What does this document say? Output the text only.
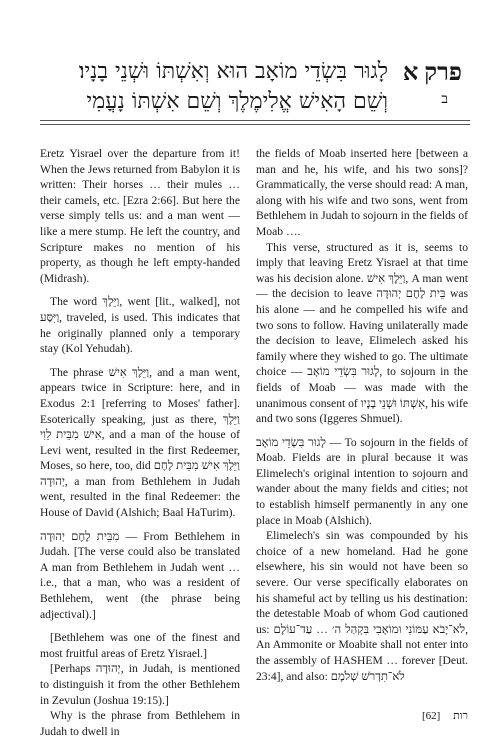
פרק א
ב
לָגוּר בִּשְׂדֵי מוֹאָב הוּא וְאִשְׁתּוֹ וּשְׁנֵי בָנָיו׃
וְשֵׁם הָאִישׁ אֱלִימֶלֶךְ וְשֵׁם אִשְׁתּוֹ נָעֳמִי

Eretz Yisrael over the departure from it! When the Jews returned from Babylon it is written: Their horses … their mules … their camels, etc. [Ezra 2:66]. But here the verse simply tells us: and a man went — like a mere stump. He left the country, and Scripture makes no mention of his property, as though he left empty-handed (Midrash).

The word וַיֵּלֶךְ, went [lit., walked], not וַיִּסַּע, traveled, is used. This indicates that he originally planned only a temporary stay (Kol Yehudah).

The phrase וַיֵּלֶךְ אִישׁ, and a man went, appears twice in Scripture: here, and in Exodus 2:1 [referring to Moses' father]. Esoterically speaking, just as there, וַיֵּלֶךְ אִישׁ מִבֵּית לֵוִי, and a man of the house of Levi went, resulted in the first Redeemer, Moses, so here, too, did וַיֵּלֶךְ אִישׁ מִבֵּית לֶחֶם יְהוּדָה, a man from Bethlehem in Judah went, resulted in the final Redeemer: the House of David (Alshich; Baal HaTurim).

מִבֵּית לֶחֶם יְהוּדָה — From Bethlehem in Judah. [The verse could also be translated A man from Bethlehem in Judah went … i.e., that a man, who was a resident of Bethlehem, went (the phrase being adjectival).]

[Bethlehem was one of the finest and most fruitful areas of Eretz Yisrael.]

[Perhaps יְהוּדָה, in Judah, is mentioned to distinguish it from the other Bethlehem in Zevulun (Joshua 19:15).]

Why is the phrase from Bethlehem in Judah to dwell in

the fields of Moab inserted here [between a man and he, his wife, and his two sons]? Grammatically, the verse should read: A man, along with his wife and two sons, went from Bethlehem in Judah to sojourn in the fields of Moab ….

This verse, structured as it is, seems to imply that leaving Eretz Yisrael at that time was his decision alone. וַיֵּלֶךְ אִישׁ, A man went — the decision to leave בֵּית לֶחֶם יְהוּדָה was his alone — and he compelled his wife and two sons to follow. Having unilaterally made the decision to leave, Elimelech asked his family where they wished to go. The ultimate choice — לָגוּר בִּשְׂדֵי מוֹאָב, to sojourn in the fields of Moab — was made with the unanimous consent of אִשְׁתּוֹ וּשְׁנֵי בָנָיו, his wife and two sons (Iggeres Shmuel).

לָגוּר בִּשְׂדֵי מוֹאָב — To sojourn in the fields of Moab. Fields are in plural because it was Elimelech's original intention to sojourn and wander about the many fields and cities; not to establish himself permanently in any one place in Moab (Alshich).

Elimelech's sin was compounded by his choice of a new homeland. Had he gone elsewhere, his sin would not have been so severe. Our verse specifically elaborates on his shameful act by telling us his destination: the detestable Moab of whom God cautioned us: לֹא־יָבֹא עַמּוֹנִי וּמוֹאָבִי בִּקְהַל ה׳ … עַד־עוֹלָם, An Ammonite or Moabite shall not enter into the assembly of HASHEM … forever [Deut. 23:4], and also: לֹא־תִדְרֹשׁ שְׁלֹמָם

רות [62]
